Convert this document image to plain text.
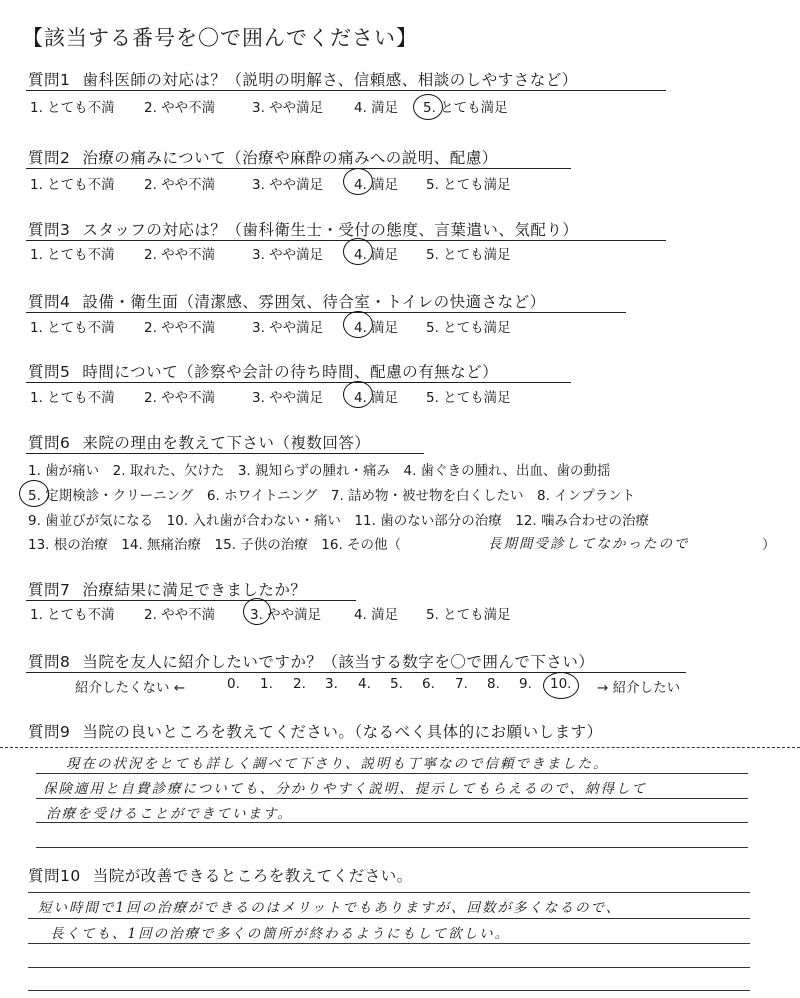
【該当する番号を〇で囲んでください】
質問1 歯科医師の対応は？（説明の明解さ、信頼感、相談のしやすさなど）
1. とても不満 2. やや不満	3. やや満足 4. 満足 5. とても満足
質問2 治療の痛みについて（治療や麻酔の痛みへの説明、配慮）
1. とても不満 2. やや不満	3. やや満足 4. 満足 5. とても満足
質問3 スタッフの対応は？（歯科衛生士・受付の態度、言葉遣い、気配り）
1. とても不満 2. やや不満	3. やや満足 4. 満足 5. とても満足
質問4 設備・衛生面（清潔感、雰囲気、待合室・トイレの快適さなど）
1. とても不満 2. やや不満	3. やや満足 4. 満足 5. とても満足
質問5 時間について（診察や会計の待ち時間、配慮の有無など）
1. とても不満 2. やや不満	3. やや満足 4. 満足 5. とても満足
質問6 来院の理由を教えて下さい（複数回答）
1. 歯が痛い　2. 取れた、欠けた　3. 親知らずの腫れ・痛み　4. 歯ぐきの腫れ、出血、歯の動揺
5. 定期検診・クリーニング　6. ホワイトニング　7. 詰め物・被せ物を白くしたい　8. インプラント
9. 歯並びが気になる　10. 入れ歯が合わない・痛い　11. 歯のない部分の治療　12. 噛み合わせの治療
13. 根の治療　14. 無痛治療　15. 子供の治療　16. その他（	長期間受診してなかったので	）
質問7 治療結果に満足できましたか？
1. とても不満 2. やや不満	3. やや満足 4. 満足 5. とても満足
質問8 当院を友人に紹介したいですか？（該当する数字を〇で囲んで下さい）
紹介したくない ←	0. 1. 2. 3. 4. 5. 6. 7. 8. 9. 10. → 紹介したい
質問9 当院の良いところを教えてください。（なるべく具体的にお願いします）
現在の状況をとても詳しく調べて下さり、説明も丁寧なので信頼できました。
保険適用と自費診療についても、分かりやすく説明、提示してもらえるので、納得して
治療を受けることができています。
質問10 当院が改善できるところを教えてください。
短い時間で1回の治療ができるのはメリットでもありますが、回数が多くなるので、
長くても、1回の治療で多くの箇所が終わるようにもして欲しい。
